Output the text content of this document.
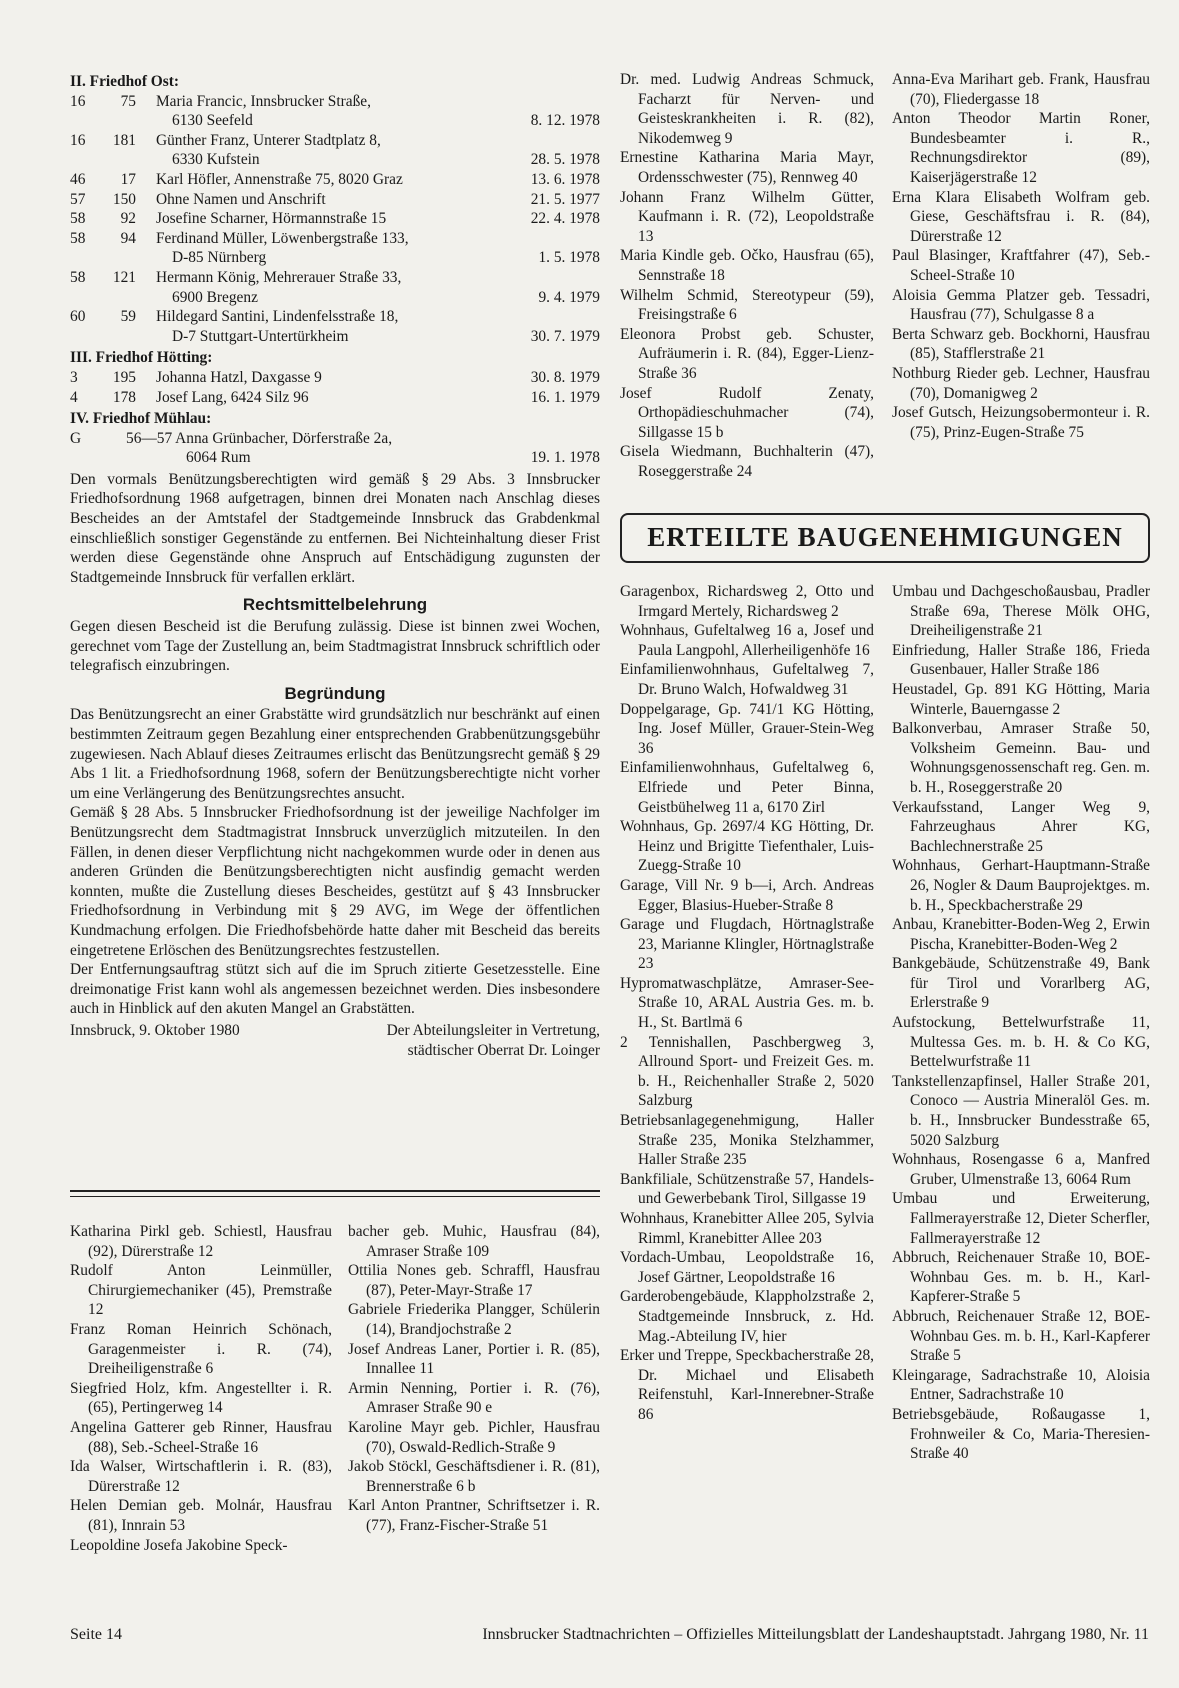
II. Friedhof Ost:
16	75	Maria Francic, Innsbrucker Straße,
6130 Seefeld	8. 12. 1978
16	181	Günther Franz, Unterer Stadtplatz 8,
6330 Kufstein	28. 5. 1978
46	17	Karl Höfler, Annenstraße 75, 8020 Graz	13. 6. 1978
57	150	Ohne Namen und Anschrift	21. 5. 1977
58	92	Josefine Scharner, Hörmannstraße 15	22. 4. 1978
58	94	Ferdinand Müller, Löwenbergstraße 133,
D-85 Nürnberg	1. 5. 1978
58	121	Hermann König, Mehrerauer Straße 33,
6900 Bregenz	9. 4. 1979
60	59	Hildegard Santini, Lindenfelsstraße 18,
D-7 Stuttgart-Untertürkheim	30. 7. 1979
III. Friedhof Hötting:
3	195	Johanna Hatzl, Daxgasse 9	30. 8. 1979
4	178	Josef Lang, 6424 Silz 96	16. 1. 1979
IV. Friedhof Mühlau:
G	56—57 Anna Grünbacher, Dörferstraße 2a,
6064 Rum	19. 1. 1978
Den vormals Benützungsberechtigten wird gemäß § 29 Abs. 3 Innsbrucker Friedhofsordnung 1968 aufgetragen, binnen drei Monaten nach Anschlag dieses Bescheides an der Amtstafel der Stadtgemeinde Innsbruck das Grabdenkmal einschließlich sonstiger Gegenstände zu entfernen. Bei Nichteinhaltung dieser Frist werden diese Gegenstände ohne Anspruch auf Entschädigung zugunsten der Stadtgemeinde Innsbruck für verfallen erklärt.
Rechtsmittelbelehrung
Gegen diesen Bescheid ist die Berufung zulässig. Diese ist binnen zwei Wochen, gerechnet vom Tage der Zustellung an, beim Stadtmagistrat Innsbruck schriftlich oder telegrafisch einzubringen.
Begründung
Das Benützungsrecht an einer Grabstätte wird grundsätzlich nur beschränkt auf einen bestimmten Zeitraum gegen Bezahlung einer entsprechenden Grabbenützungsgebühr zugewiesen. Nach Ablauf dieses Zeitraumes erlischt das Benützungsrecht gemäß § 29 Abs 1 lit. a Friedhofsordnung 1968, sofern der Benützungsberechtigte nicht vorher um eine Verlängerung des Benützungsrechtes ansucht.
Gemäß § 28 Abs. 5 Innsbrucker Friedhofsordnung ist der jeweilige Nachfolger im Benützungsrecht dem Stadtmagistrat Innsbruck unverzüglich mitzuteilen. In den Fällen, in denen dieser Verpflichtung nicht nachgekommen wurde oder in denen aus anderen Gründen die Benützungsberechtigten nicht ausfindig gemacht werden konnten, mußte die Zustellung dieses Bescheides, gestützt auf § 43 Innsbrucker Friedhofsordnung in Verbindung mit § 29 AVG, im Wege der öffentlichen Kundmachung erfolgen. Die Friedhofsbehörde hatte daher mit Bescheid das bereits eingetretene Erlöschen des Benützungsrechtes festzustellen.
Der Entfernungsauftrag stützt sich auf die im Spruch zitierte Gesetzesstelle. Eine dreimonatige Frist kann wohl als angemessen bezeichnet werden. Dies insbesondere auch in Hinblick auf den akuten Mangel an Grabstätten.
Innsbruck, 9. Oktober 1980	Der Abteilungsleiter in Vertretung,
städtischer Oberrat Dr. Loinger
Katharina Pirkl geb. Schiestl, Hausfrau (92), Dürerstraße 12
Rudolf Anton Leinmüller, Chirurgiemechaniker (45), Premstraße 12
Franz Roman Heinrich Schönach, Garagenmeister i. R. (74), Dreiheiligenstraße 6
Siegfried Holz, kfm. Angestellter i. R. (65), Pertingerweg 14
Angelina Gatterer geb Rinner, Hausfrau (88), Seb.-Scheel-Straße 16
Ida Walser, Wirtschaftlerin i. R. (83), Dürerstraße 12
Helen Demian geb. Molnár, Hausfrau (81), Innrain 53
Leopoldine Josefa Jakobine Speck-
bacher geb. Muhic, Hausfrau (84), Amraser Straße 109
Ottilia Nones geb. Schraffl, Hausfrau (87), Peter-Mayr-Straße 17
Gabriele Friederika Plangger, Schülerin (14), Brandjochstraße 2
Josef Andreas Laner, Portier i. R. (85), Innallee 11
Armin Nenning, Portier i. R. (76), Amraser Straße 90 e
Karoline Mayr geb. Pichler, Hausfrau (70), Oswald-Redlich-Straße 9
Jakob Stöckl, Geschäftsdiener i. R. (81), Brennerstraße 6 b
Karl Anton Prantner, Schriftsetzer i. R. (77), Franz-Fischer-Straße 51
Dr. med. Ludwig Andreas Schmuck, Facharzt für Nerven- und Geisteskrankheiten i. R. (82), Nikodemweg 9
Ernestine Katharina Maria Mayr, Ordensschwester (75), Rennweg 40
Johann Franz Wilhelm Gütter, Kaufmann i. R. (72), Leopoldstraße 13
Maria Kindle geb. Očko, Hausfrau (65), Sennstraße 18
Wilhelm Schmid, Stereotypeur (59), Freisingstraße 6
Eleonora Probst geb. Schuster, Aufräumerin i. R. (84), Egger-Lienz-Straße 36
Josef Rudolf Zenaty, Orthopädieschuhmacher (74), Sillgasse 15 b
Gisela Wiedmann, Buchhalterin (47), Roseggerstraße 24
Anna-Eva Marihart geb. Frank, Hausfrau (70), Fliedergasse 18
Anton Theodor Martin Roner, Bundesbeamter i. R., Rechnungsdirektor (89), Kaiserjägerstraße 12
Erna Klara Elisabeth Wolfram geb. Giese, Geschäftsfrau i. R. (84), Dürerstraße 12
Paul Blasinger, Kraftfahrer (47), Seb.-Scheel-Straße 10
Aloisia Gemma Platzer geb. Tessadri, Hausfrau (77), Schulgasse 8 a
Berta Schwarz geb. Bockhorni, Hausfrau (85), Stafflerstraße 21
Nothburg Rieder geb. Lechner, Hausfrau (70), Domanigweg 2
Josef Gutsch, Heizungsobermonteur i. R. (75), Prinz-Eugen-Straße 75
ERTEILTE BAUGENEHMIGUNGEN
Garagenbox, Richardsweg 2, Otto und Irmgard Mertely, Richardsweg 2
Wohnhaus, Gufeltalweg 16 a, Josef und Paula Langpohl, Allerheiligenhöfe 16
Einfamilienwohnhaus, Gufeltalweg 7, Dr. Bruno Walch, Hofwaldweg 31
Doppelgarage, Gp. 741/1 KG Hötting, Ing. Josef Müller, Grauer-Stein-Weg 36
Einfamilienwohnhaus, Gufeltalweg 6, Elfriede und Peter Binna, Geistbühelweg 11 a, 6170 Zirl
Wohnhaus, Gp. 2697/4 KG Hötting, Dr. Heinz und Brigitte Tiefenthaler, Luis-Zuegg-Straße 10
Garage, Vill Nr. 9 b—i, Arch. Andreas Egger, Blasius-Hueber-Straße 8
Garage und Flugdach, Hörtnaglstraße 23, Marianne Klingler, Hörtnaglstraße 23
Hypromatwaschplätze, Amraser-See-Straße 10, ARAL Austria Ges. m. b. H., St. Bartlmä 6
2 Tennishallen, Paschbergweg 3, Allround Sport- und Freizeit Ges. m. b. H., Reichenhaller Straße 2, 5020 Salzburg
Betriebsanlagegenehmigung, Haller Straße 235, Monika Stelzhammer, Haller Straße 235
Bankfiliale, Schützenstraße 57, Handels- und Gewerbebank Tirol, Sillgasse 19
Wohnhaus, Kranebitter Allee 205, Sylvia Rimml, Kranebitter Allee 203
Vordach-Umbau, Leopoldstraße 16, Josef Gärtner, Leopoldstraße 16
Garderobengebäude, Klappholzstraße 2, Stadtgemeinde Innsbruck, z. Hd. Mag.-Abteilung IV, hier
Erker und Treppe, Speckbacherstraße 28, Dr. Michael und Elisabeth Reifenstuhl, Karl-Innerebner-Straße 86
Umbau und Dachgeschoßausbau, Pradler Straße 69a, Therese Mölk OHG, Dreiheiligenstraße 21
Einfriedung, Haller Straße 186, Frieda Gusenbauer, Haller Straße 186
Heustadel, Gp. 891 KG Hötting, Maria Winterle, Bauerngasse 2
Balkonverbau, Amraser Straße 50, Volksheim Gemeinn. Bau- und Wohnungsgenossenschaft reg. Gen. m. b. H., Roseggerstraße 20
Verkaufsstand, Langer Weg 9, Fahrzeughaus Ahrer KG, Bachlechnerstraße 25
Wohnhaus, Gerhart-Hauptmann-Straße 26, Nogler & Daum Bauprojektges. m. b. H., Speckbacherstraße 29
Anbau, Kranebitter-Boden-Weg 2, Erwin Pischa, Kranebitter-Boden-Weg 2
Bankgebäude, Schützenstraße 49, Bank für Tirol und Vorarlberg AG, Erlerstraße 9
Aufstockung, Bettelwurfstraße 11, Multessa Ges. m. b. H. & Co KG, Bettelwurfstraße 11
Tankstellenzapfinsel, Haller Straße 201, Conoco — Austria Mineralöl Ges. m. b. H., Innsbrucker Bundesstraße 65, 5020 Salzburg
Wohnhaus, Rosengasse 6 a, Manfred Gruber, Ulmenstraße 13, 6064 Rum
Umbau und Erweiterung, Fallmerayerstraße 12, Dieter Scherfler, Fallmerayerstraße 12
Abbruch, Reichenauer Straße 10, BOE-Wohnbau Ges. m. b. H., Karl-Kapferer-Straße 5
Abbruch, Reichenauer Straße 12, BOE-Wohnbau Ges. m. b. H., Karl-Kapferer Straße 5
Kleingarage, Sadrachstraße 10, Aloisia Entner, Sadrachstraße 10
Betriebsgebäude, Roßaugasse 1, Frohnweiler & Co, Maria-Theresien-Straße 40
Seite 14	Innsbrucker Stadtnachrichten – Offizielles Mitteilungsblatt der Landeshauptstadt. Jahrgang 1980, Nr. 11
